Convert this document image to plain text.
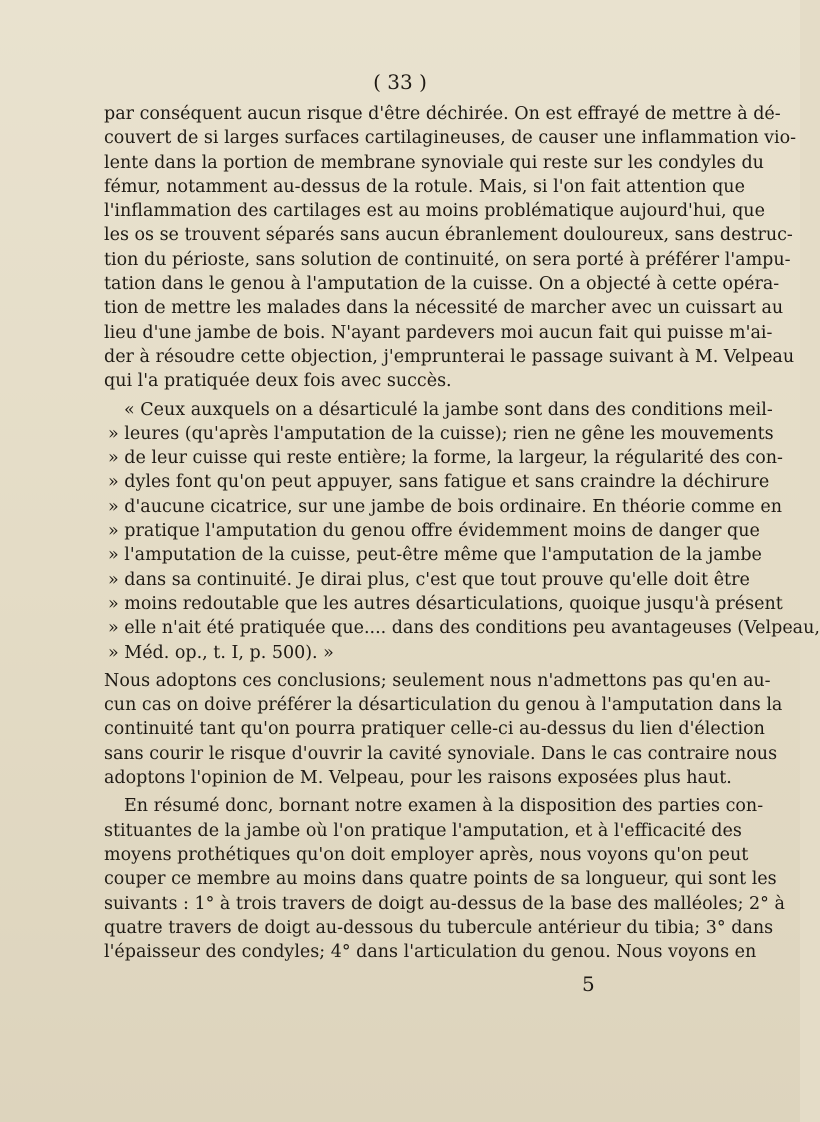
( 33 )
par conséquent aucun risque d'être déchirée. On est effrayé de mettre à dé-
couvert de si larges surfaces cartilagineuses, de causer une inflammation vio-
lente dans la portion de membrane synoviale qui reste sur les condyles du
fémur, notamment au-dessus de la rotule. Mais, si l'on fait attention que
l'inflammation des cartilages est au moins problématique aujourd'hui, que
les os se trouvent séparés sans aucun ébranlement douloureux, sans destruc-
tion du périoste, sans solution de continuité, on sera porté à préférer l'ampu-
tation dans le genou à l'amputation de la cuisse. On a objecté à cette opéra-
tion de mettre les malades dans la nécessité de marcher avec un cuissart au
lieu d'une jambe de bois. N'ayant pardevers moi aucun fait qui puisse m'ai-
der à résoudre cette objection, j'emprunterai le passage suivant à M. Velpeau
qui l'a pratiquée deux fois avec succès.
« Ceux auxquels on a désarticulé la jambe sont dans des conditions meil-
» leures (qu'après l'amputation de la cuisse); rien ne gêne les mouvements
» de leur cuisse qui reste entière; la forme, la largeur, la régularité des con-
» dyles font qu'on peut appuyer, sans fatigue et sans craindre la déchirure
» d'aucune cicatrice, sur une jambe de bois ordinaire. En théorie comme en
» pratique l'amputation du genou offre évidemment moins de danger que
» l'amputation de la cuisse, peut-être même que l'amputation de la jambe
» dans sa continuité. Je dirai plus, c'est que tout prouve qu'elle doit être
» moins redoutable que les autres désarticulations, quoique jusqu'à présent
» elle n'ait été pratiquée que.... dans des conditions peu avantageuses (Velpeau,
» Méd. op., t. I, p. 500). »
Nous adoptons ces conclusions; seulement nous n'admettons pas qu'en au-
cun cas on doive préférer la désarticulation du genou à l'amputation dans la
continuité tant qu'on pourra pratiquer celle-ci au-dessus du lien d'élection
sans courir le risque d'ouvrir la cavité synoviale. Dans le cas contraire nous
adoptons l'opinion de M. Velpeau, pour les raisons exposées plus haut.
En résumé donc, bornant notre examen à la disposition des parties con-
stituantes de la jambe où l'on pratique l'amputation, et à l'efficacité des
moyens prothétiques qu'on doit employer après, nous voyons qu'on peut
couper ce membre au moins dans quatre points de sa longueur, qui sont les
suivants : 1° à trois travers de doigt au-dessus de la base des malléoles; 2° à
quatre travers de doigt au-dessous du tubercule antérieur du tibia; 3° dans
l'épaisseur des condyles; 4° dans l'articulation du genou. Nous voyons en
5
